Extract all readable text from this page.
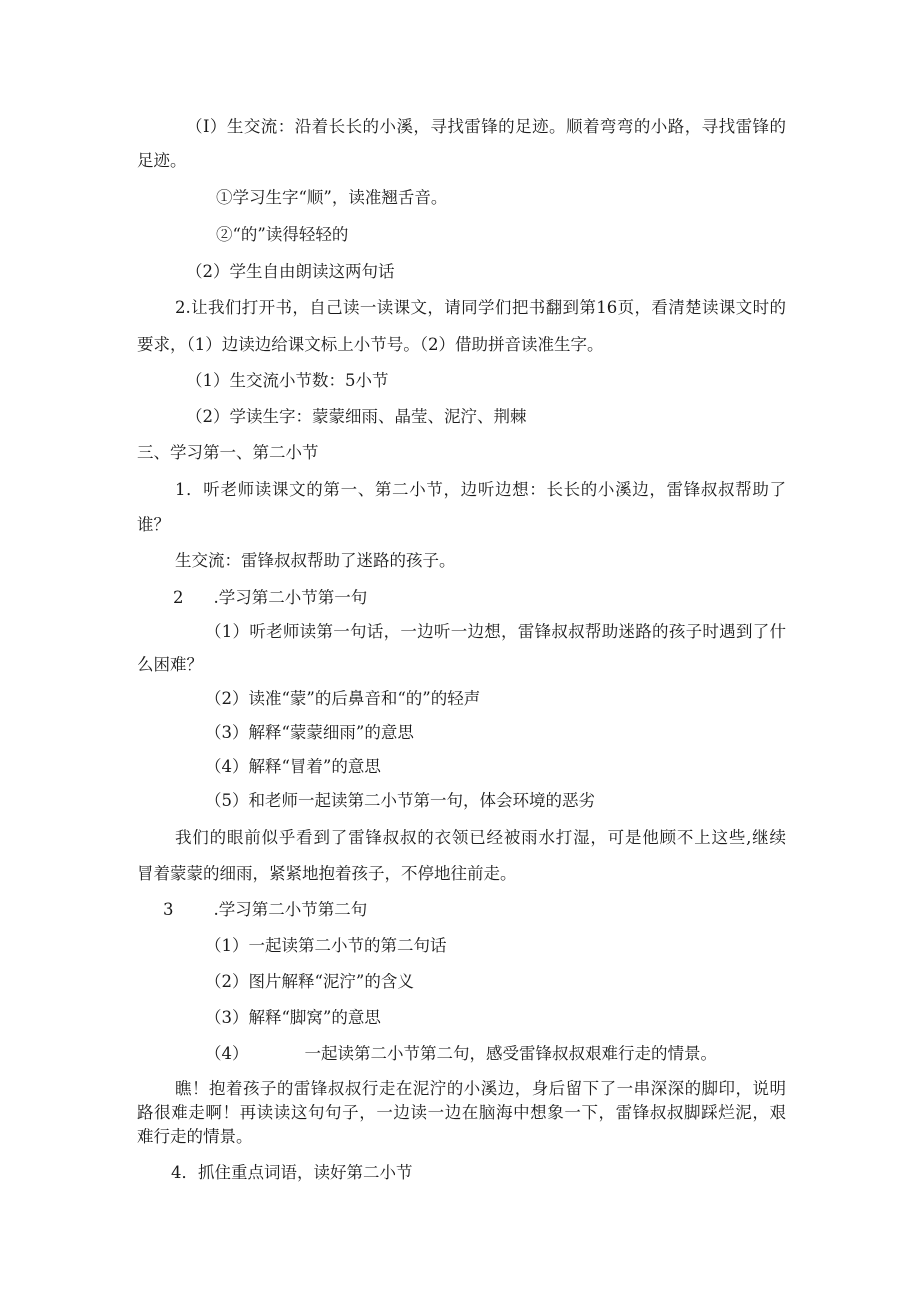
（I）生交流：沿着长长的小溪，寻找雷锋的足迹。顺着弯弯的小路，寻找雷锋的
足迹。
①学习生字“顺”，读准翘舌音。
②“的”读得轻轻的
（2）学生自由朗读这两句话
2.让我们打开书，自己读一读课文，请同学们把书翻到第16页，看清楚读课文时的
要求，（1）边读边给课文标上小节号。（2）借助拼音读准生字。
（1）生交流小节数：5小节
（2）学读生字：蒙蒙细雨、晶莹、泥泞、荆棘
三、学习第一、第二小节
1．听老师读课文的第一、第二小节，边听边想：长长的小溪边，雷锋叔叔帮助了
谁？
生交流：雷锋叔叔帮助了迷路的孩子。
2 .学习第二小节第一句
（1）听老师读第一句话，一边听一边想，雷锋叔叔帮助迷路的孩子时遇到了什
么困难？
（2）读准“蒙”的后鼻音和“的”的轻声
（3）解释“蒙蒙细雨”的意思
（4）解释“冒着”的意思
（5）和老师一起读第二小节第一句，体会环境的恶劣
我们的眼前似乎看到了雷锋叔叔的衣领已经被雨水打湿，可是他顾不上这些,继续
冒着蒙蒙的细雨，紧紧地抱着孩子，不停地往前走。
3 .学习第二小节第二句
（1）一起读第二小节的第二句话
（2）图片解释“泥泞”的含义
（3）解释“脚窝”的意思
（4）	一起读第二小节第二句，感受雷锋叔叔艰难行走的情景。
瞧！抱着孩子的雷锋叔叔行走在泥泞的小溪边，身后留下了一串深深的脚印，说明
路很难走啊！再读读这句句子，一边读一边在脑海中想象一下，雷锋叔叔脚踩烂泥，艰
难行走的情景。
4．抓住重点词语，读好第二小节
